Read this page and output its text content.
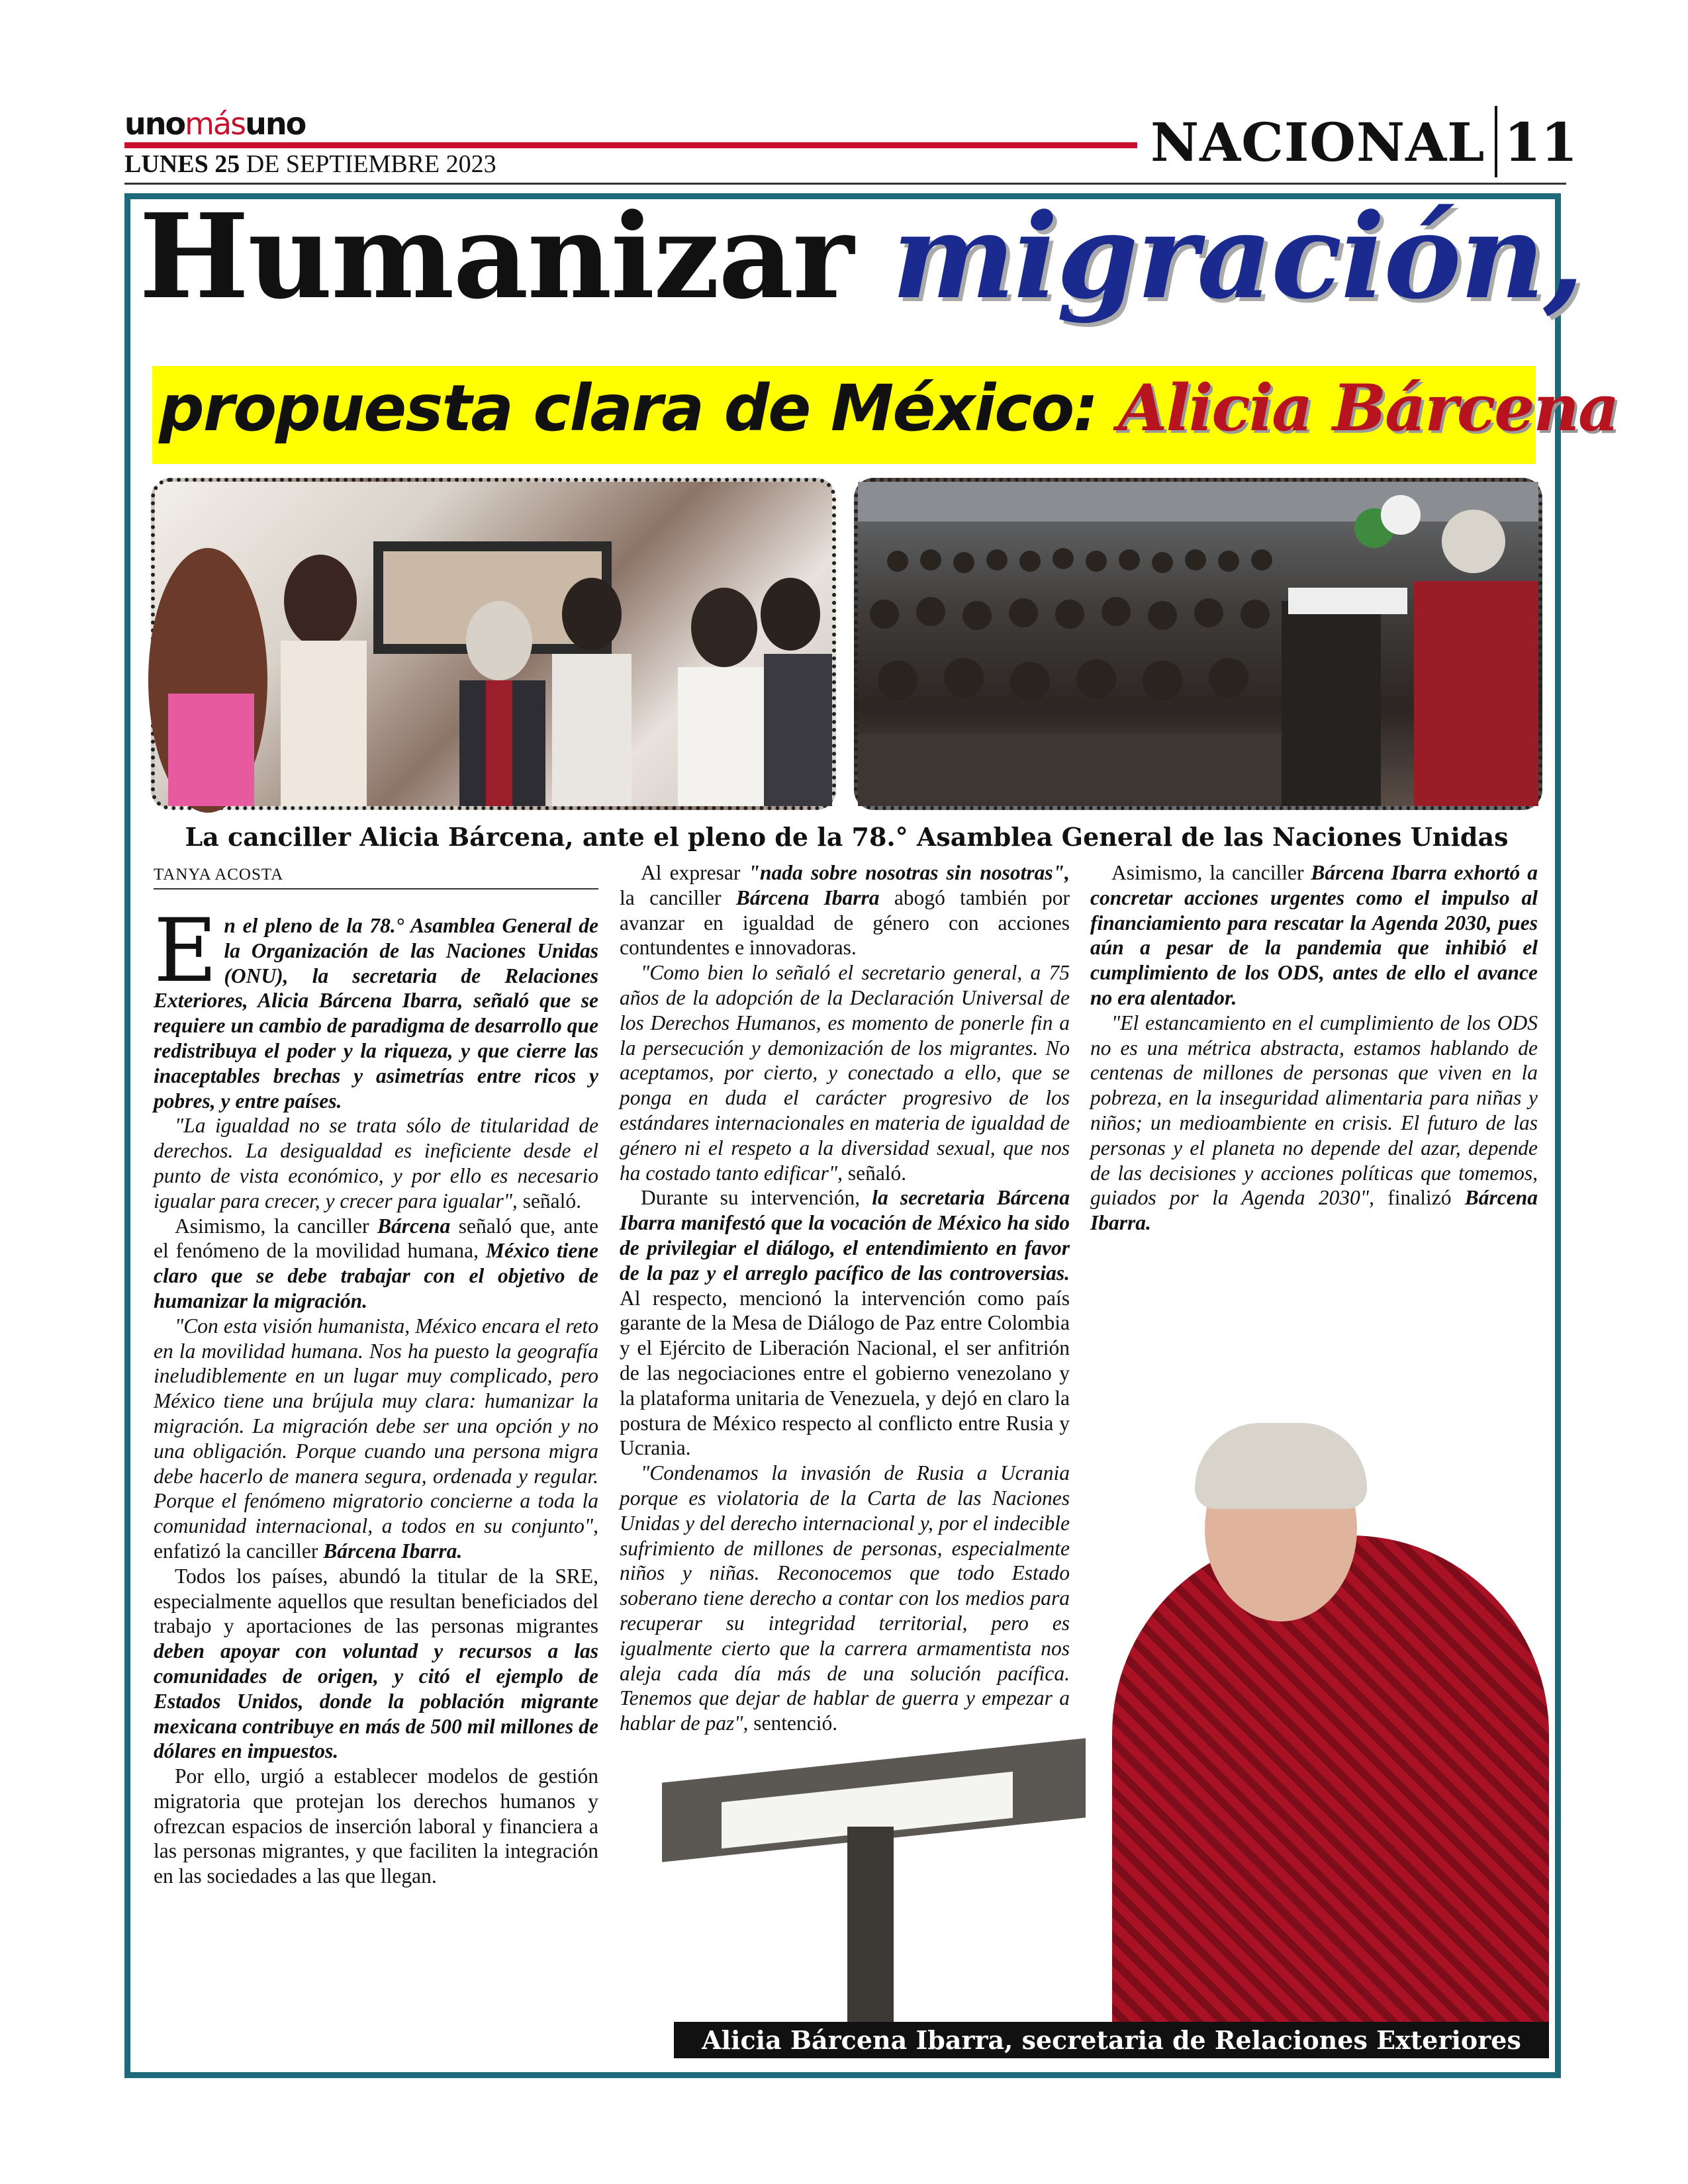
unomásuno
LUNES 25 DE SEPTIEMBRE 2023	NACIONAL 11
Humanizar migración,
propuesta clara de México: Alicia Bárcena
La canciller Alicia Bárcena, ante el pleno de la 78.° Asamblea General de las Naciones Unidas
TANYA ACOSTA

En el pleno de la 78.° Asamblea General de la Organización de las Naciones Unidas (ONU), la secretaria de Relaciones Exteriores, Alicia Bárcena Ibarra, señaló que se requiere un cambio de paradigma de desarrollo que redistribuya el poder y la riqueza, y que cierre las inaceptables brechas y asimetrías entre ricos y pobres, y entre países.

"La igualdad no se trata sólo de titularidad de derechos. La desigualdad es ineficiente desde el punto de vista económico, y por ello es necesario igualar para crecer, y crecer para igualar", señaló.

Asimismo, la canciller Bárcena señaló que, ante el fenómeno de la movilidad humana, México tiene claro que se debe trabajar con el objetivo de humanizar la migración.

"Con esta visión humanista, México encara el reto en la movilidad humana. Nos ha puesto la geografía ineludiblemente en un lugar muy complicado, pero México tiene una brújula muy clara: humanizar la migración. La migración debe ser una opción y no una obligación. Porque cuando una persona migra debe hacerlo de manera segura, ordenada y regular. Porque el fenómeno migratorio concierne a toda la comunidad internacional, a todos en su conjunto", enfatizó la canciller Bárcena Ibarra.

Todos los países, abundó la titular de la SRE, especialmente aquellos que resultan beneficiados del trabajo y aportaciones de las personas migrantes deben apoyar con voluntad y recursos a las comunidades de origen, y citó el ejemplo de Estados Unidos, donde la población migrante mexicana contribuye en más de 500 mil millones de dólares en impuestos.

Por ello, urgió a establecer modelos de gestión migratoria que protejan los derechos humanos y ofrezcan espacios de inserción laboral y financiera a las personas migrantes, y que faciliten la integración en las sociedades a las que llegan.

Al expresar "nada sobre nosotras sin nosotras", la canciller Bárcena Ibarra abogó también por avanzar en igualdad de género con acciones contundentes e innovadoras.

"Como bien lo señaló el secretario general, a 75 años de la adopción de la Declaración Universal de los Derechos Humanos, es momento de ponerle fin a la persecución y demonización de los migrantes. No aceptamos, por cierto, y conectado a ello, que se ponga en duda el carácter progresivo de los estándares internacionales en materia de igualdad de género ni el respeto a la diversidad sexual, que nos ha costado tanto edificar", señaló.

Durante su intervención, la secretaria Bárcena Ibarra manifestó que la vocación de México ha sido de privilegiar el diálogo, el entendimiento en favor de la paz y el arreglo pacífico de las controversias. Al respecto, mencionó la intervención como país garante de la Mesa de Diálogo de Paz entre Colombia y el Ejército de Liberación Nacional, el ser anfitrión de las negociaciones entre el gobierno venezolano y la plataforma unitaria de Venezuela, y dejó en claro la postura de México respecto al conflicto entre Rusia y Ucrania.

"Condenamos la invasión de Rusia a Ucrania porque es violatoria de la Carta de las Naciones Unidas y del derecho internacional y, por el indecible sufrimiento de millones de personas, especialmente niños y niñas. Reconocemos que todo Estado soberano tiene derecho a contar con los medios para recuperar su integridad territorial, pero es igualmente cierto que la carrera armamentista nos aleja cada día más de una solución pacífica. Tenemos que dejar de hablar de guerra y empezar a hablar de paz", sentenció.

Asimismo, la canciller Bárcena Ibarra exhortó a concretar acciones urgentes como el impulso al financiamiento para rescatar la Agenda 2030, pues aún a pesar de la pandemia que inhibió el cumplimiento de los ODS, antes de ello el avance no era alentador.

"El estancamiento en el cumplimiento de los ODS no es una métrica abstracta, estamos hablando de centenas de millones de personas que viven en la pobreza, en la inseguridad alimentaria para niñas y niños; un medioambiente en crisis. El futuro de las personas y el planeta no depende del azar, depende de las decisiones y acciones políticas que tomemos, guiados por la Agenda 2030", finalizó Bárcena Ibarra.

Alicia Bárcena Ibarra, secretaria de Relaciones Exteriores
